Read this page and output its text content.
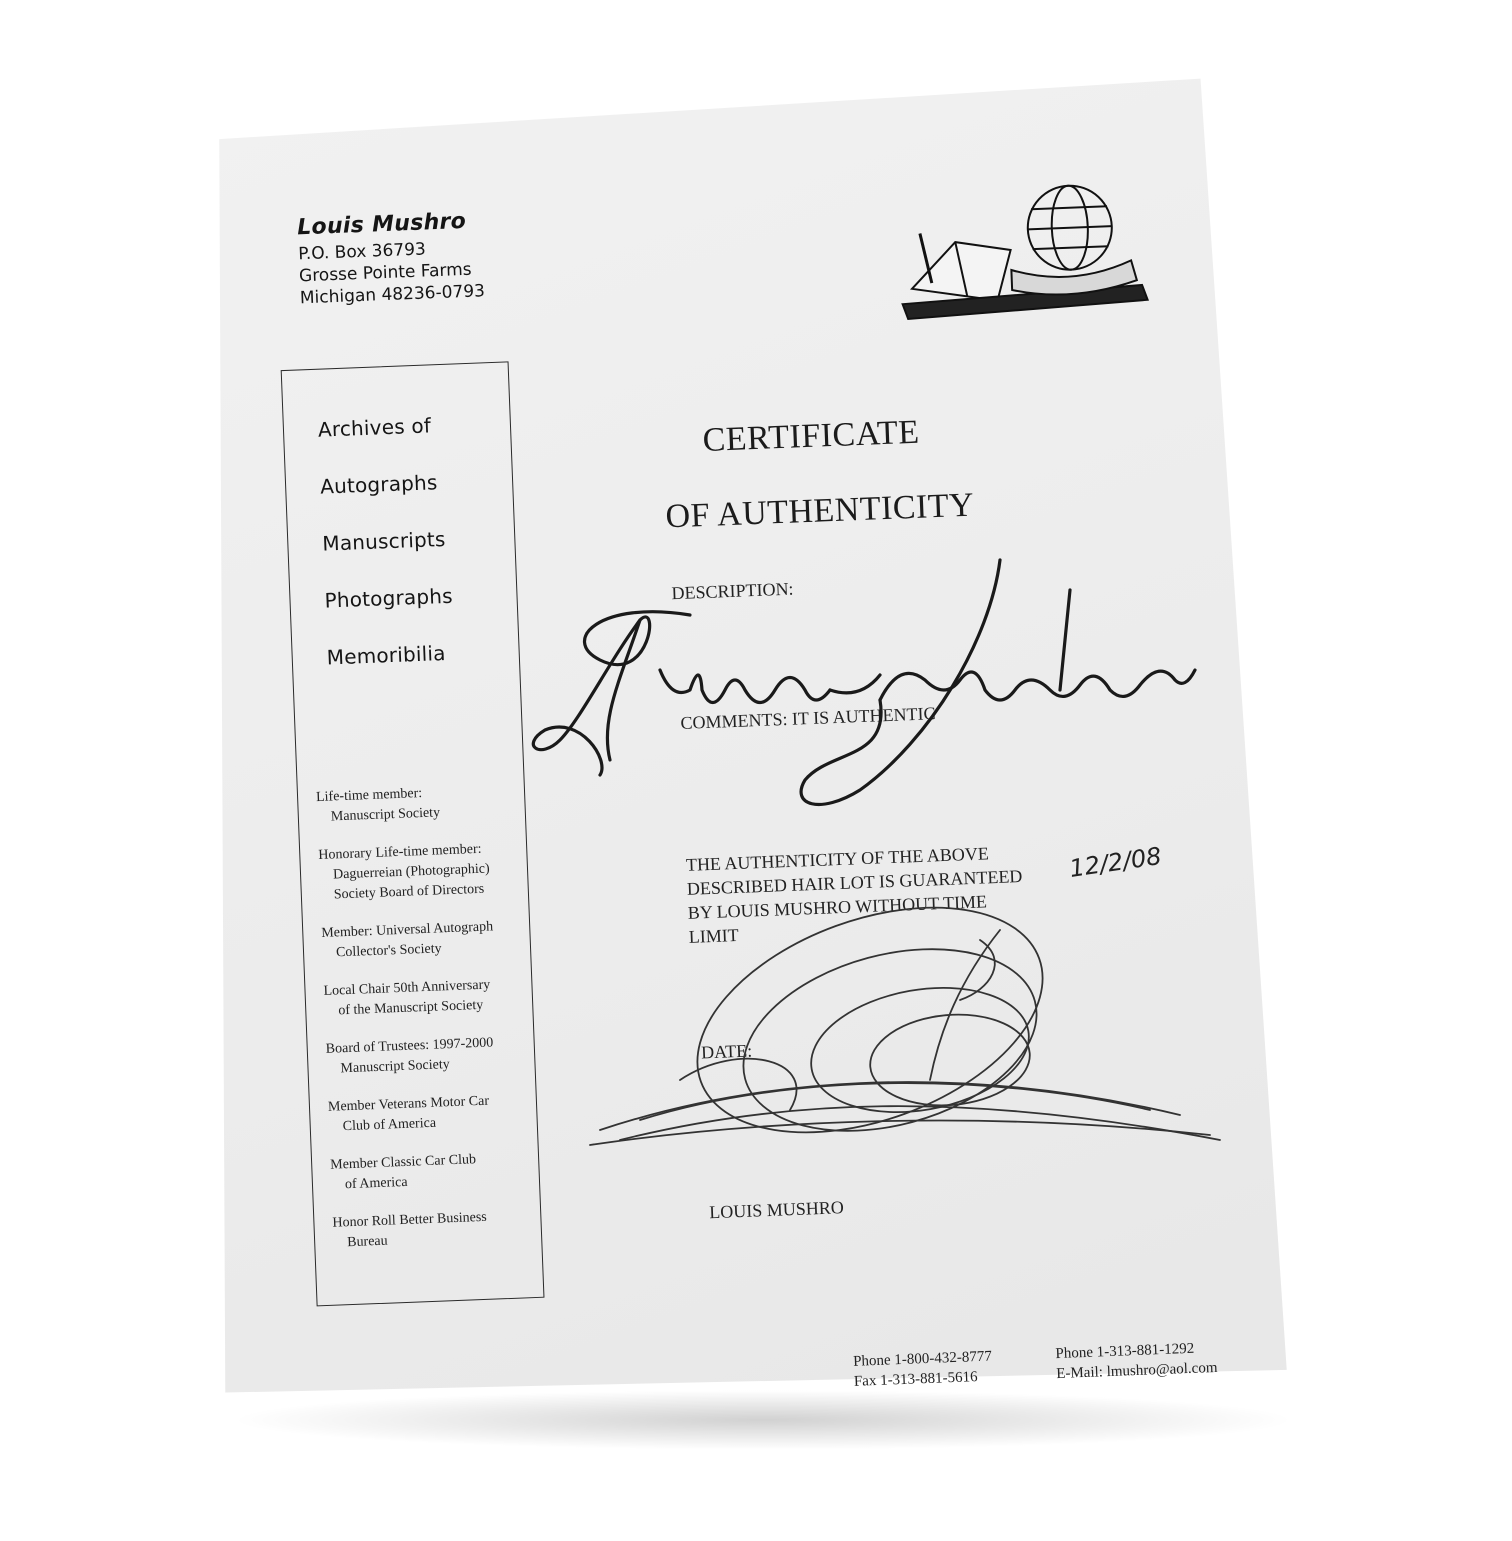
Louis Mushro
P.O. Box 36793
Grosse Pointe Farms
Michigan 48236-0793
Archives of
Autographs
Manuscripts
Photographs
Memoribilia
Life-time member:
Manuscript Society
Honorary Life-time member:
Daguerreian (Photographic) Society Board of Directors
Member: Universal Autograph
Collector's Society
Local Chair 50th Anniversary
of the Manuscript Society
Board of Trustees: 1997-2000
Manuscript Society
Member Veterans Motor Car
Club of America
Member Classic Car Club
of America
Honor Roll Better Business
Bureau
CERTIFICATE
OF AUTHENTICITY
DESCRIPTION:
COMMENTS: IT IS AUTHENTIC
THE AUTHENTICITY OF THE ABOVE
DESCRIBED HAIR LOT IS GUARANTEED
BY LOUIS MUSHRO WITHOUT TIME
LIMIT
12/2/08
DATE:
LOUIS MUSHRO
Phone 1-800-432-8777
Fax 1-313-881-5616

Phone 1-313-881-1292
E-Mail: lmushro@aol.com
